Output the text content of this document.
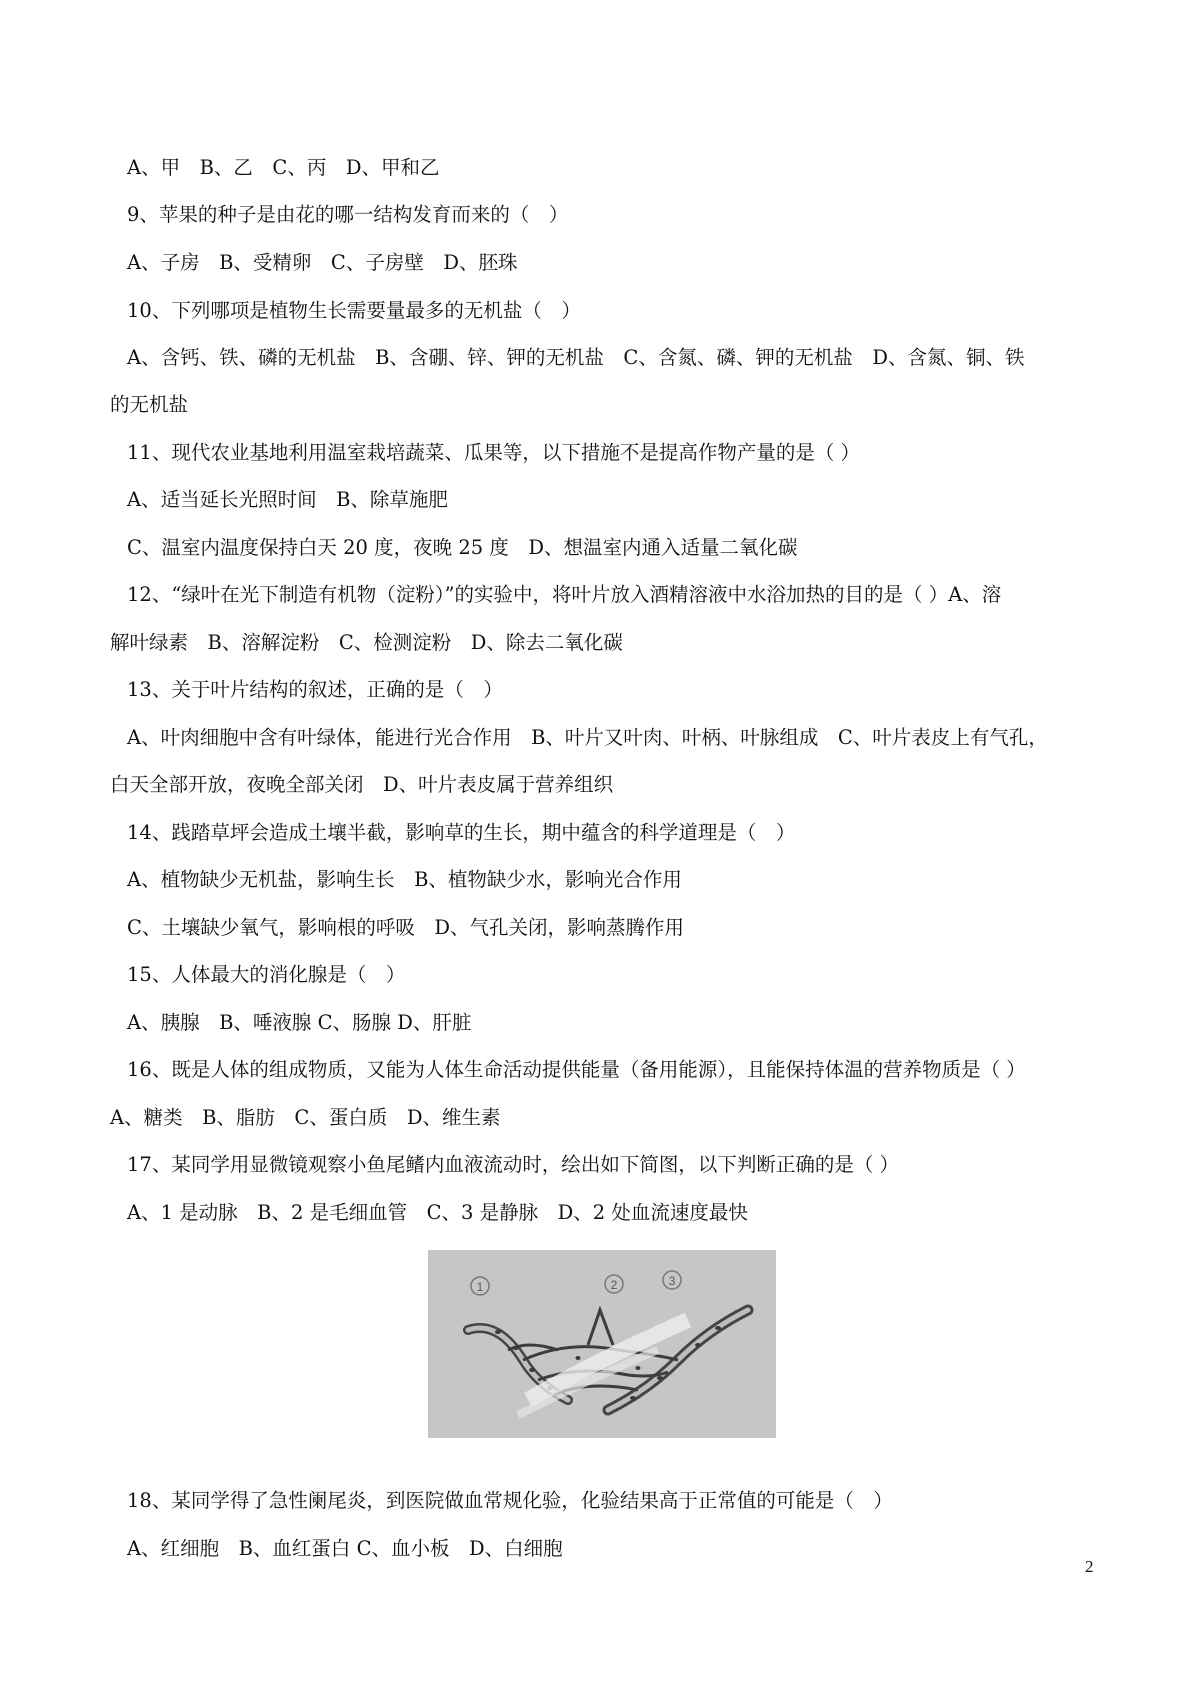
A、甲　B、乙　C、丙　D、甲和乙
9、苹果的种子是由花的哪一结构发育而来的（　）
A、子房　B、受精卵　C、子房壁　D、胚珠
10、下列哪项是植物生长需要量最多的无机盐（　）
A、含钙、铁、磷的无机盐　B、含硼、锌、钾的无机盐　C、含氮、磷、钾的无机盐　D、含氮、铜、铁
的无机盐
11、现代农业基地利用温室栽培蔬菜、瓜果等，以下措施不是提高作物产量的是（ ）
A、适当延长光照时间　B、除草施肥
C、温室内温度保持白天 20 度，夜晚 25 度　D、想温室内通入适量二氧化碳
12、“绿叶在光下制造有机物（淀粉）”的实验中，将叶片放入酒精溶液中水浴加热的目的是（ ）A、溶
解叶绿素　B、溶解淀粉　C、检测淀粉　D、除去二氧化碳
13、关于叶片结构的叙述，正确的是（　）
A、叶肉细胞中含有叶绿体，能进行光合作用　B、叶片又叶肉、叶柄、叶脉组成　C、叶片表皮上有气孔，
白天全部开放，夜晚全部关闭　D、叶片表皮属于营养组织
14、践踏草坪会造成土壤半截，影响草的生长，期中蕴含的科学道理是（　）
A、植物缺少无机盐，影响生长　B、植物缺少水，影响光合作用
C、土壤缺少氧气，影响根的呼吸　D、气孔关闭，影响蒸腾作用
15、人体最大的消化腺是（　）
A、胰腺　B、唾液腺 C、肠腺 D、肝脏
16、既是人体的组成物质，又能为人体生命活动提供能量（备用能源），且能保持体温的营养物质是（ ）
A、糖类　B、脂肪　C、蛋白质　D、维生素
17、某同学用显微镜观察小鱼尾鳍内血液流动时，绘出如下简图，以下判断正确的是（ ）
A、1 是动脉　B、2 是毛细血管　C、3 是静脉　D、2 处血流速度最快
1	2	3
18、某同学得了急性阑尾炎，到医院做血常规化验，化验结果高于正常值的可能是（　）
A、红细胞　B、血红蛋白 C、血小板　D、白细胞
2
